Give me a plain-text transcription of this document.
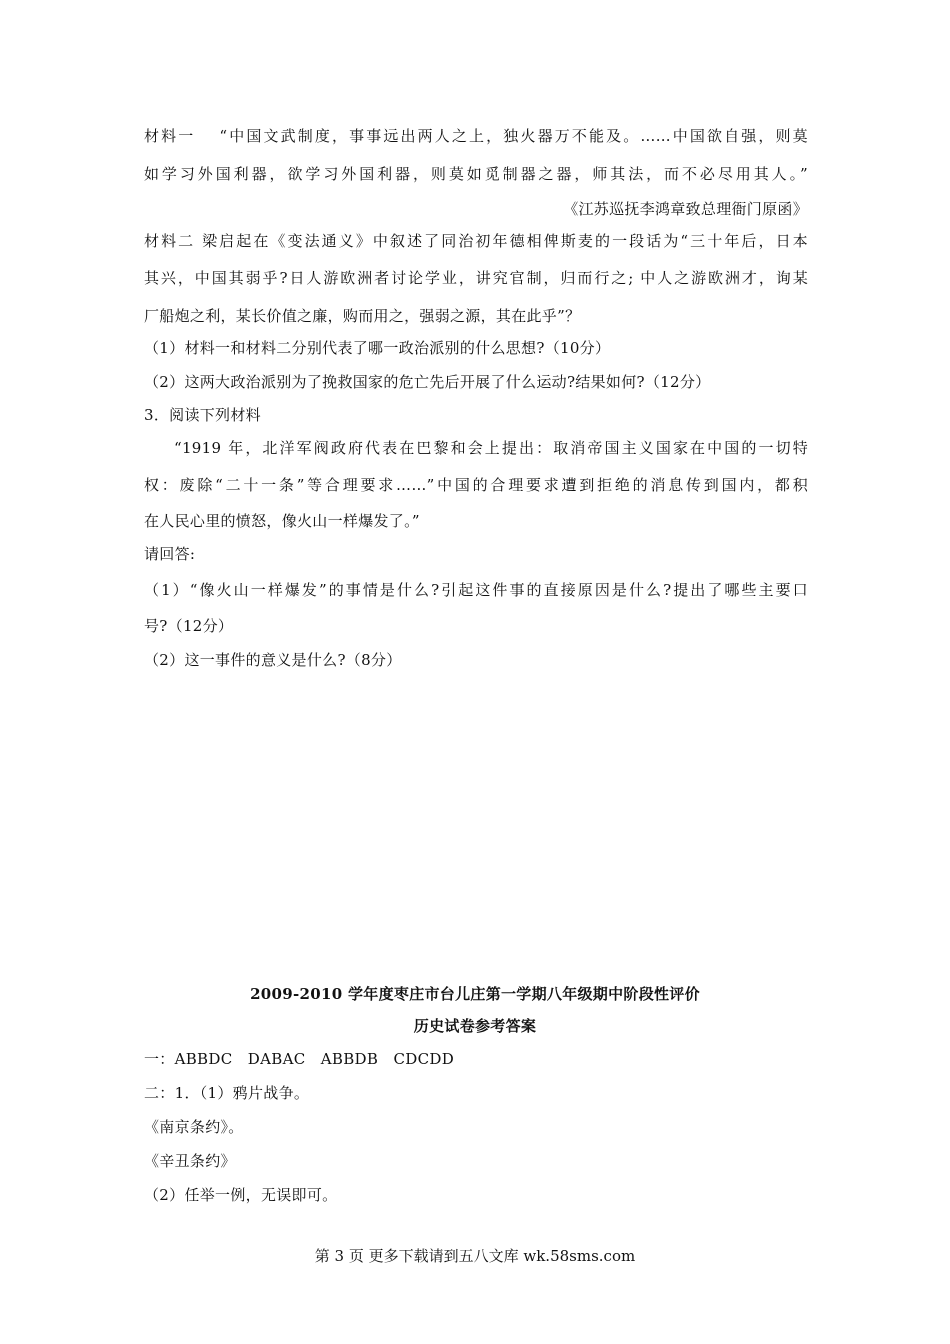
材料一　 “中国文武制度，事事远出两人之上，独火器万不能及。……中国欲自强，则莫
如学习外国利器，欲学习外国利器，则莫如觅制器之器，师其法，而不必尽用其人。”
《江苏巡抚李鸿章致总理衙门原函》
材料二 梁启起在《变法通义》中叙述了同治初年德相俾斯麦的一段话为“三十年后，日本
其兴，中国其弱乎?日人游欧洲者讨论学业，讲究官制，归而行之; 中人之游欧洲才，询某
厂船炮之利，某长价值之廉，购而用之，强弱之源，其在此乎”？
（1）材料一和材料二分别代表了哪一政治派别的什么思想?（10分）
（2）这两大政治派别为了挽救国家的危亡先后开展了什么运动?结果如何?（12分）
3．阅读下列材料
“1919 年，北洋军阀政府代表在巴黎和会上提出：取消帝国主义国家在中国的一切特
权：废除“二十一条”等合理要求……”中国的合理要求遭到拒绝的消息传到国内，都积
在人民心里的愤怒，像火山一样爆发了。”
请回答:
（1）“像火山一样爆发”的事情是什么?引起这件事的直接原因是什么?提出了哪些主要口
号?（12分）
（2）这一事件的意义是什么?（8分）
2009-2010 学年度枣庄市台儿庄第一学期八年级期中阶段性评价
历史试卷参考答案
一：ABBDC　DABAC　ABBDB　CDCDD
二：1．（1）鸦片战争。
《南京条约》。
《辛丑条约》
（2）任举一例，无误即可。
第 3 页 更多下载请到五八文库 wk.58sms.com
